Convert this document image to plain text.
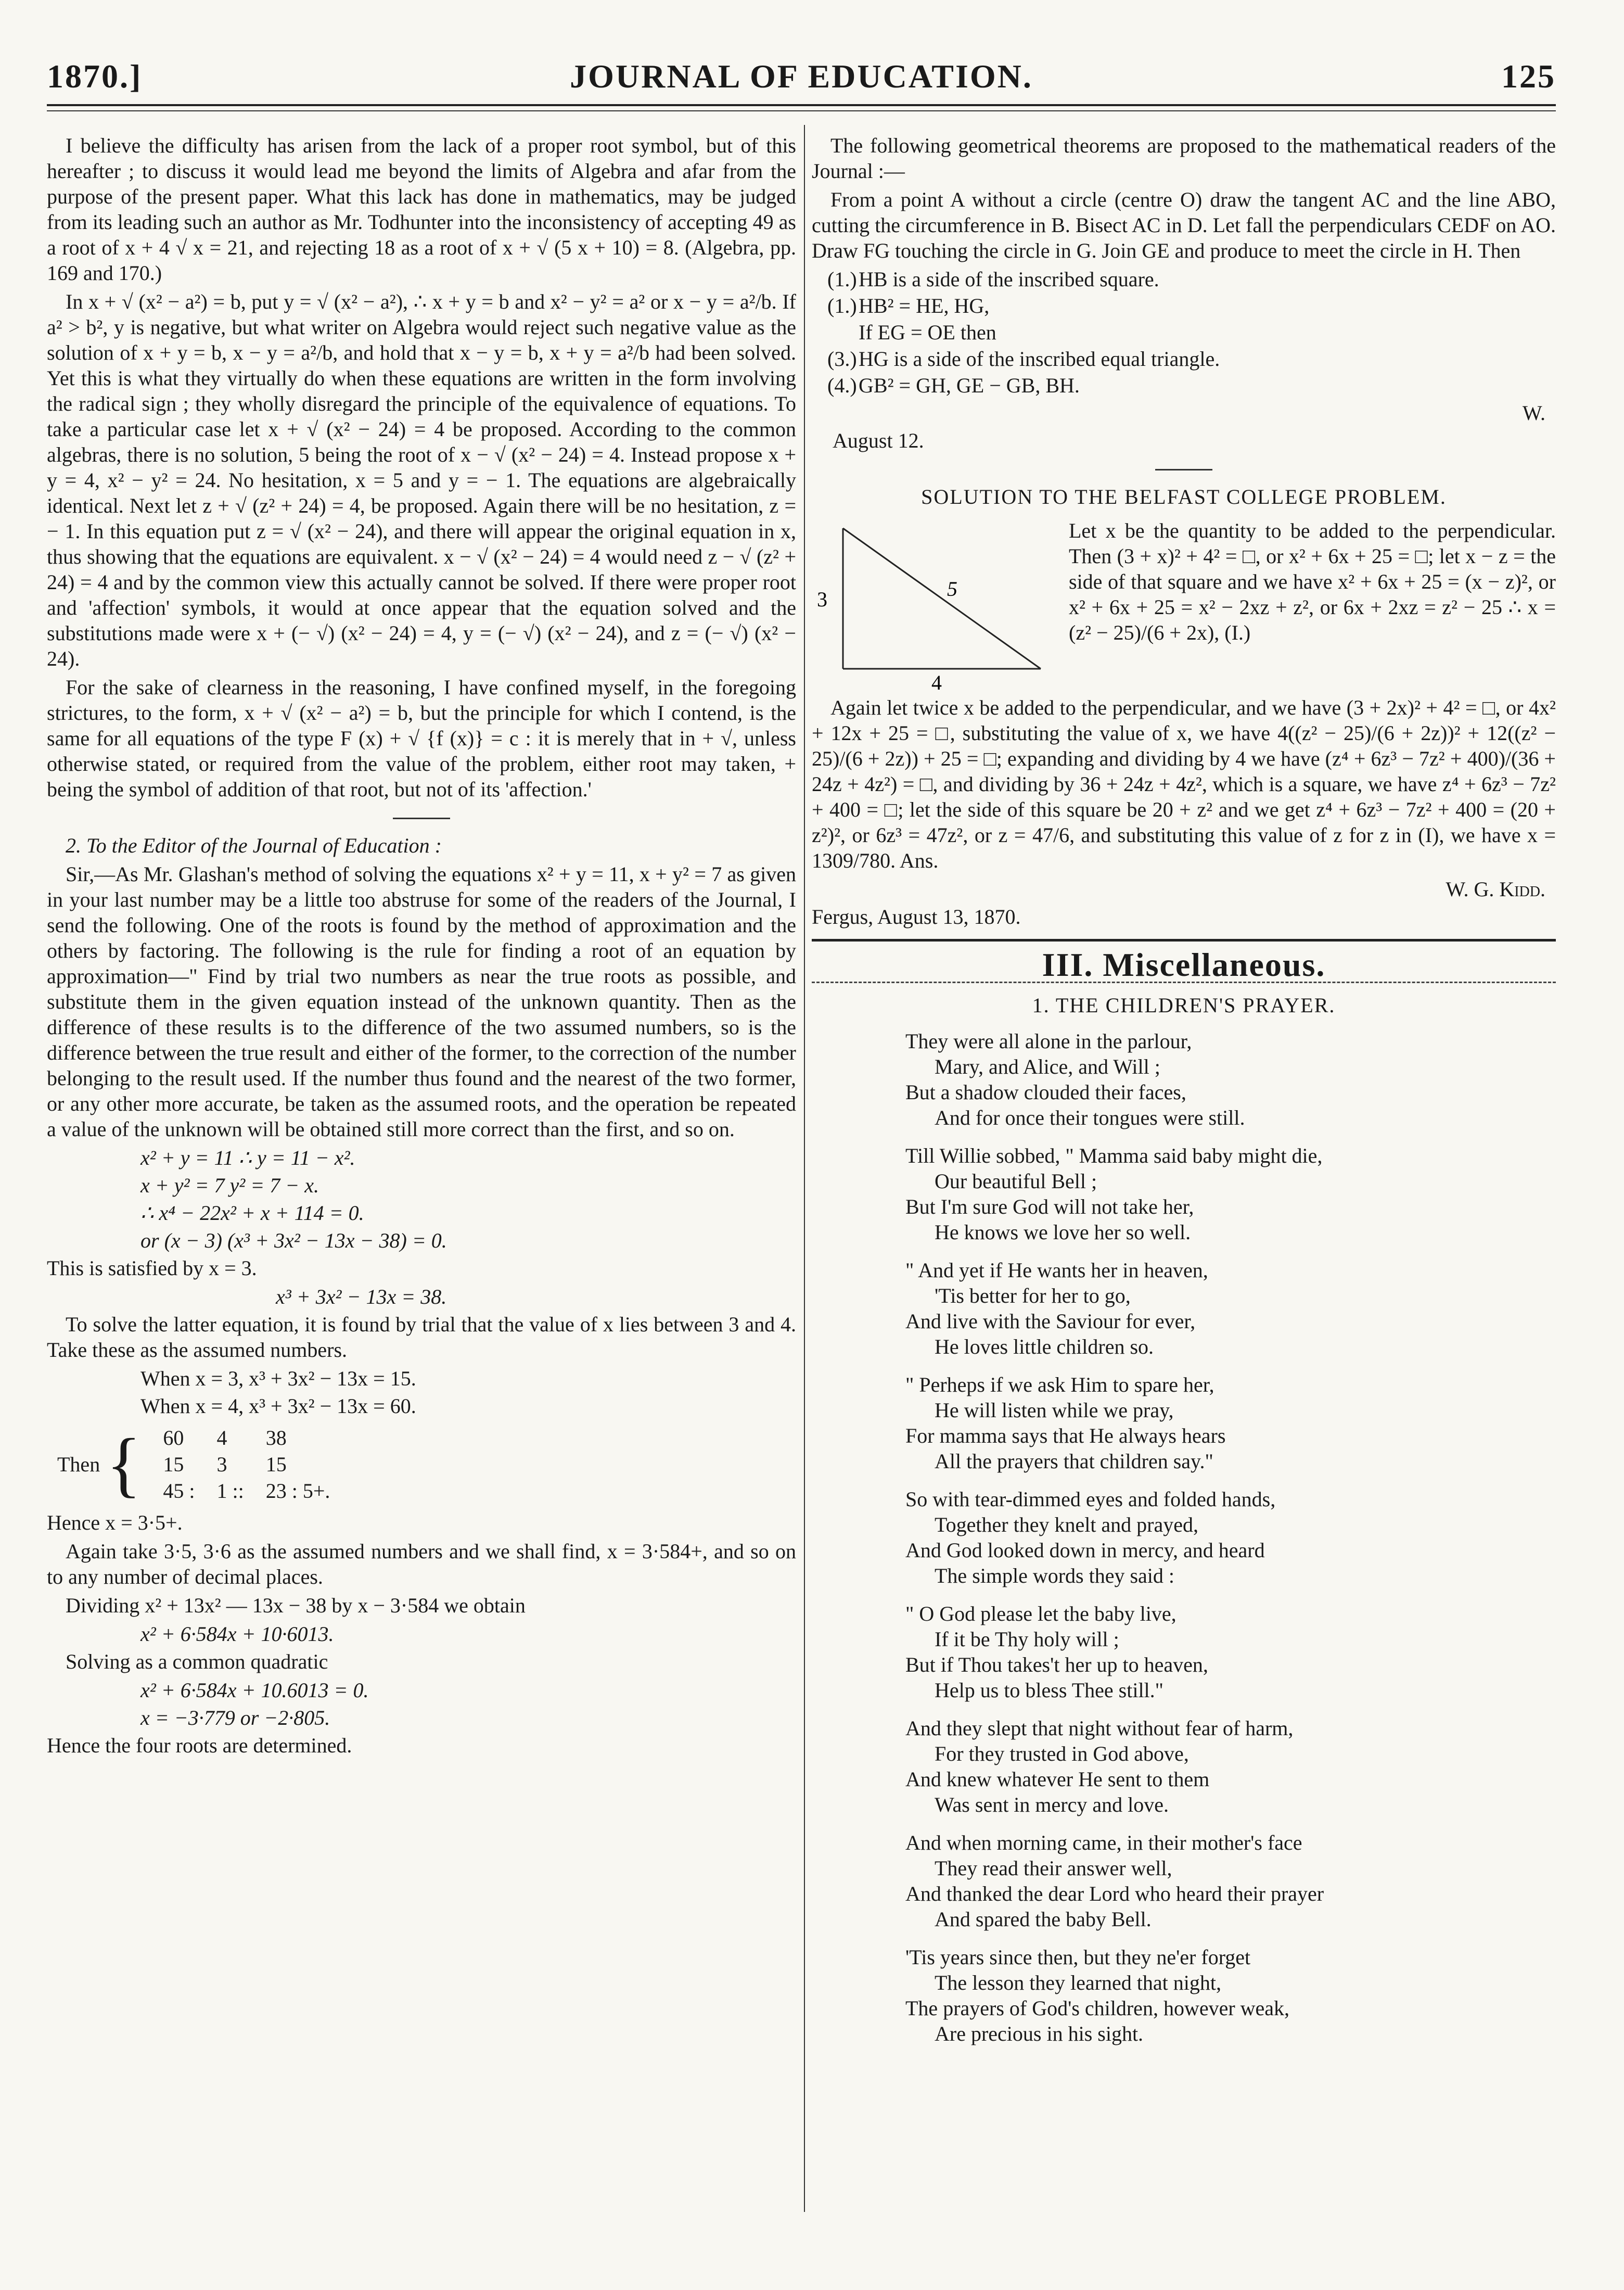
1870.]	JOURNAL OF EDUCATION.	125

I believe the difficulty has arisen from the lack of a proper root symbol, but of this hereafter ; to discuss it would lead me beyond the limits of Algebra and afar from the purpose of the present paper. What this lack has done in mathematics, may be judged from its leading such an author as Mr. Todhunter into the inconsistency of accepting 49 as a root of x + 4 √ x = 21, and rejecting 18 as a root of x + √ (5 x + 10) = 8. (Algebra, pp. 169 and 170.)

In x + √ (x² − a²) = b, put y = √ (x² − a²), ∴ x + y = b and x² − y² = a² or x − y = a²/b. If a² > b², y is negative, but what writer on Algebra would reject such negative value as the solution of x + y = b, x − y = a²/b, and hold that x − y = b, x + y = a²/b had been solved. Yet this is what they virtually do when these equations are written in the form involving the radical sign ; they wholly disregard the principle of the equivalence of equations. To take a particular case let x + √ (x² − 24) = 4 be proposed. According to the common algebras, there is no solution, 5 being the root of x − √ (x² − 24) = 4. Instead propose x + y = 4, x² − y² = 24. No hesitation, x = 5 and y = − 1. The equations are algebraically identical. Next let z + √ (z² + 24) = 4, be proposed. Again there will be no hesitation, z = − 1. In this equation put z = √ (x² − 24), and there will appear the original equation in x, thus showing that the equations are equivalent. x − √ (x² − 24) = 4 would need z − √ (z² + 24) = 4 and by the common view this actually cannot be solved. If there were proper root and 'affection' symbols, it would at once appear that the equation solved and the substitutions made were x + (− √) (x² − 24) = 4, y = (− √) (x² − 24), and z = (− √) (x² − 24).

For the sake of clearness in the reasoning, I have confined myself, in the foregoing strictures, to the form, x + √ (x² − a²) = b, but the principle for which I contend, is the same for all equations of the type F (x) + √ {f (x)} = c : it is merely that in + √, unless otherwise stated, or required from the value of the problem, either root may taken, + being the symbol of addition of that root, but not of its 'affection.'

2. To the Editor of the Journal of Education :

Sir,—As Mr. Glashan's method of solving the equations x² + y = 11, x + y² = 7 as given in your last number may be a little too abstruse for some of the readers of the Journal, I send the following. One of the roots is found by the method of approximation and the others by factoring. The following is the rule for finding a root of an equation by approximation—" Find by trial two numbers as near the true roots as possible, and substitute them in the given equation instead of the unknown quantity. Then as the difference of these results is to the difference of the two assumed numbers, so is the difference between the true result and either of the former, to the correction of the number belonging to the result used. If the number thus found and the nearest of the two former, or any other more accurate, be taken as the assumed roots, and the operation be repeated a value of the unknown will be obtained still more correct than the first, and so on.

x² + y = 11 ∴ y = 11 − x².
x + y² = 7 y² = 7 − x.
∴ x⁴ − 22x² + x + 114 = 0.
or (x − 3) (x³ + 3x² − 13x − 38) = 0.

This is satisfied by x = 3.

x³ + 3x² − 13x = 38.

To solve the latter equation, it is found by trial that the value of x lies between 3 and 4. Take these as the assumed numbers.

When x = 3, x³ + 3x² − 13x = 15.
When x = 4, x³ + 3x² − 13x = 60.
Then { 60	4	38
15	3	15
45 :	1 ::	23 : 5+.

Hence x = 3·5+.

Again take 3·5, 3·6 as the assumed numbers and we shall find, x = 3·584+, and so on to any number of decimal places.

Dividing x² + 13x² — 13x − 38 by x − 3·584 we obtain

x² + 6·584x + 10·6013.

Solving as a common quadratic

x² + 6·584x + 10.6013 = 0.
x = −3·779 or −2·805.

Hence the four roots are determined.

The following geometrical theorems are proposed to the mathematical readers of the Journal :—

From a point A without a circle (centre O) draw the tangent AC and the line ABO, cutting the circumference in B. Bisect AC in D. Let fall the perpendiculars CEDF on AO. Draw FG touching the circle in G. Join GE and produce to meet the circle in H. Then

(1.)HB is a side of the inscribed square.
(1.)HB² = HE, HG,
If EG = OE then
(3.)HG is a side of the inscribed equal triangle.
(4.)GB² = GH, GE − GB, BH.
W.

August 12.

SOLUTION TO THE BELFAST COLLEGE PROBLEM.
3
4
5

Let x be the quantity to be added to the perpendicular. Then (3 + x)² + 4² = □, or x² + 6x + 25 = □; let x − z = the side of that square and we have x² + 6x + 25 = (x − z)², or x² + 6x + 25 = x² − 2xz + z², or 6x + 2xz = z² − 25 ∴ x = (z² − 25)/(6 + 2x), (I.)

Again let twice x be added to the perpendicular, and we have (3 + 2x)² + 4² = □, or 4x² + 12x + 25 = □, substituting the value of x, we have 4((z² − 25)/(6 + 2z))² + 12((z² − 25)/(6 + 2z)) + 25 = □; expanding and dividing by 4 we have (z⁴ + 6z³ − 7z² + 400)/(36 + 24z + 4z²) = □, and dividing by 36 + 24z + 4z², which is a square, we have z⁴ + 6z³ − 7z² + 400 = □; let the side of this square be 20 + z² and we get z⁴ + 6z³ − 7z² + 400 = (20 + z²)², or 6z³ = 47z², or z = 47/6, and substituting this value of z for z in (I), we have x = 1309/780. Ans.

W. G. Kidd.

Fergus, August 13, 1870.

III. Miscellaneous.
1. THE CHILDREN'S PRAYER.
They were all alone in the parlour,
Mary, and Alice, and Will ;
But a shadow clouded their faces,
And for once their tongues were still.
Till Willie sobbed, " Mamma said baby might die,
Our beautiful Bell ;
But I'm sure God will not take her,
He knows we love her so well.
" And yet if He wants her in heaven,
'Tis better for her to go,
And live with the Saviour for ever,
He loves little children so.
" Perheps if we ask Him to spare her,
He will listen while we pray,
For mamma says that He always hears
All the prayers that children say."
So with tear-dimmed eyes and folded hands,
Together they knelt and prayed,
And God looked down in mercy, and heard
The simple words they said :
" O God please let the baby live,
If it be Thy holy will ;
But if Thou takes't her up to heaven,
Help us to bless Thee still."
And they slept that night without fear of harm,
For they trusted in God above,
And knew whatever He sent to them
Was sent in mercy and love.
And when morning came, in their mother's face
They read their answer well,
And thanked the dear Lord who heard their prayer
And spared the baby Bell.
'Tis years since then, but they ne'er forget
The lesson they learned that night,
The prayers of God's children, however weak,
Are precious in his sight.
